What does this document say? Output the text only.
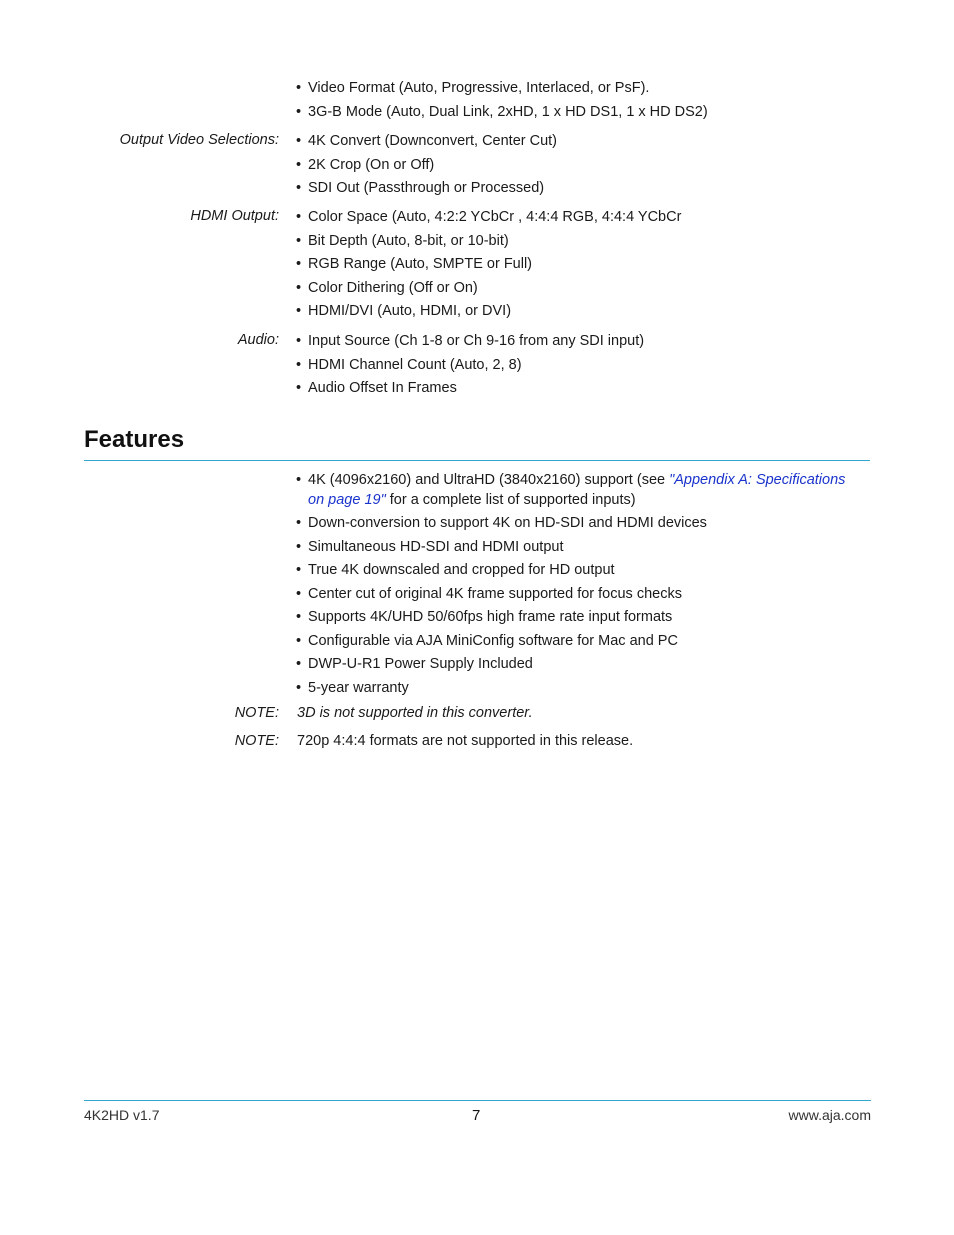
• Video Format (Auto, Progressive, Interlaced, or PsF).
• 3G-B Mode (Auto, Dual Link, 2xHD, 1 x HD DS1, 1 x HD DS2)
Output Video Selections: • 4K Convert (Downconvert, Center Cut)
• 2K Crop (On or Off)
• SDI Out (Passthrough or Processed)
HDMI Output: • Color Space (Auto, 4:2:2 YCbCr , 4:4:4 RGB, 4:4:4 YCbCr
• Bit Depth (Auto, 8-bit, or 10-bit)
• RGB Range (Auto, SMPTE or Full)
• Color Dithering (Off or On)
• HDMI/DVI (Auto, HDMI, or DVI)
Audio: • Input Source (Ch 1-8 or Ch 9-16 from any SDI input)
• HDMI Channel Count (Auto, 2, 8)
• Audio Offset In Frames
Features
• 4K (4096x2160) and UltraHD (3840x2160) support (see "Appendix A: Specifications on page 19" for a complete list of supported inputs)
• Down-conversion to support 4K on HD-SDI and HDMI devices
• Simultaneous HD-SDI and HDMI output
• True 4K downscaled and cropped for HD output
• Center cut of original 4K frame supported for focus checks
• Supports 4K/UHD 50/60fps high frame rate input formats
• Configurable via AJA MiniConfig software for Mac and PC
• DWP-U-R1 Power Supply Included
• 5-year warranty
NOTE: 3D is not supported in this converter.
NOTE: 720p 4:4:4 formats are not supported in this release.
4K2HD v1.7	7	www.aja.com
